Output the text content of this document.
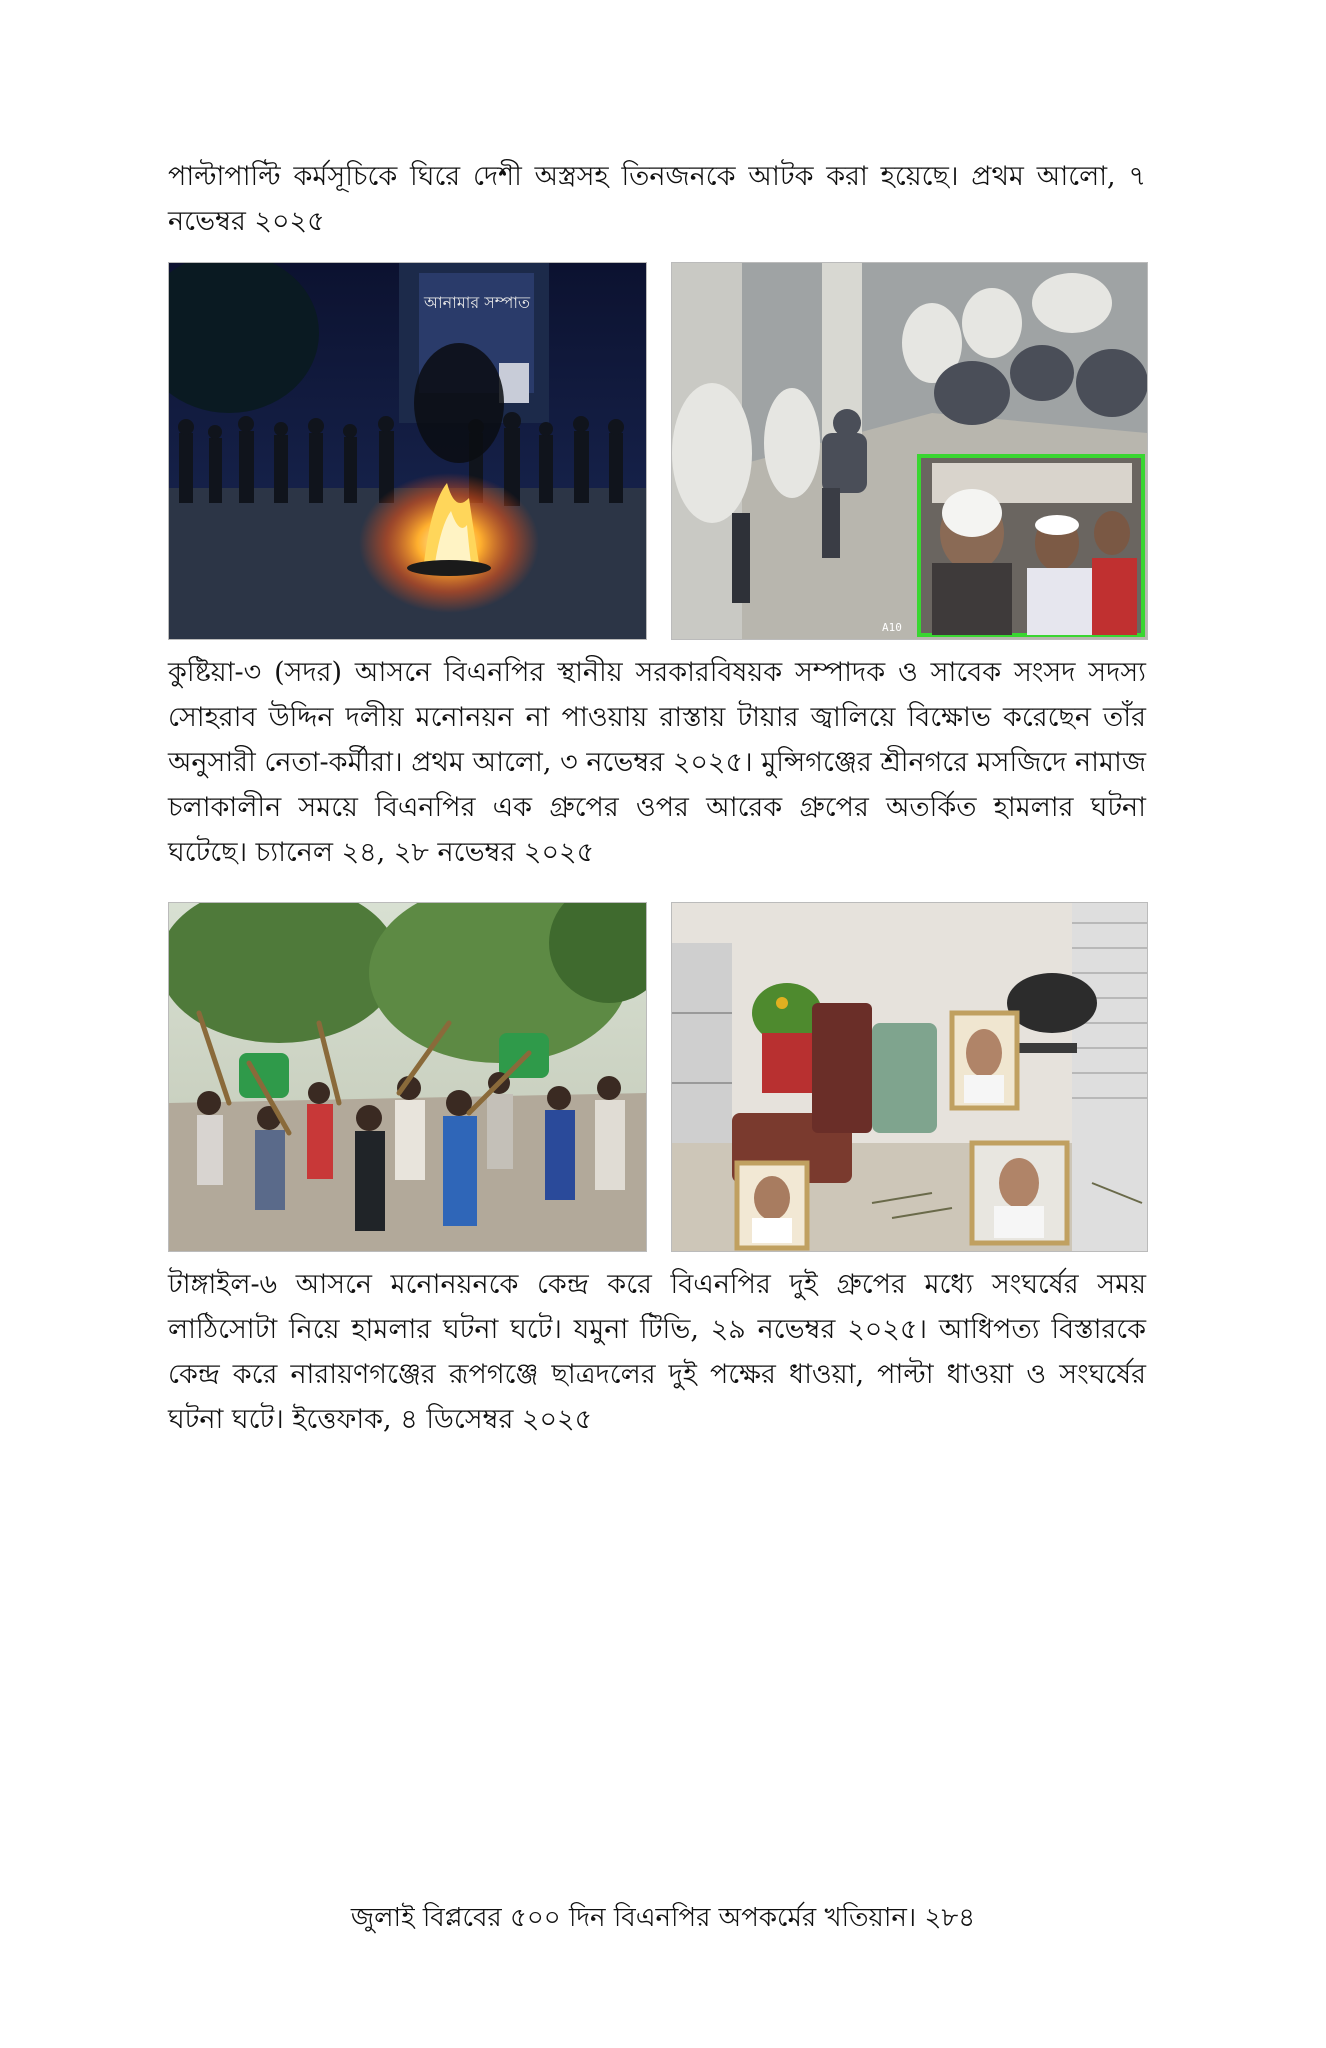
পাল্টাপাল্টি কর্মসূচিকে ঘিরে দেশী অস্ত্রসহ তিনজনকে আটক করা হয়েছে। প্রথম আলো, ৭ নভেম্বর ২০২৫

আনামার সম্পাত
A10

কুষ্টিয়া-৩ (সদর) আসনে বিএনপির স্থানীয় সরকারবিষয়ক সম্পাদক ও সাবেক সংসদ সদস্য সোহরাব উদ্দিন দলীয় মনোনয়ন না পাওয়ায় রাস্তায় টায়ার জ্বালিয়ে বিক্ষোভ করেছেন তাঁর অনুসারী নেতা-কর্মীরা। প্রথম আলো, ৩ নভেম্বর ২০২৫। মুন্সিগঞ্জের শ্রীনগরে মসজিদে নামাজ চলাকালীন সময়ে বিএনপির এক গ্রুপের ওপর আরেক গ্রুপের অতর্কিত হামলার ঘটনা ঘটেছে। চ্যানেল ২৪, ২৮ নভেম্বর ২০২৫

টাঙ্গাইল-৬ আসনে মনোনয়নকে কেন্দ্র করে বিএনপির দুই গ্রুপের মধ্যে সংঘর্ষের সময় লাঠিসোটা নিয়ে হামলার ঘটনা ঘটে। যমুনা টিভি, ২৯ নভেম্বর ২০২৫। আধিপত্য বিস্তারকে কেন্দ্র করে নারায়ণগঞ্জের রূপগঞ্জে ছাত্রদলের দুই পক্ষের ধাওয়া, পাল্টা ধাওয়া ও সংঘর্ষের ঘটনা ঘটে। ইত্তেফাক, ৪ ডিসেম্বর ২০২৫

জুলাই বিপ্লবের ৫০০ দিন বিএনপির অপকর্মের খতিয়ান। ২৮৪
